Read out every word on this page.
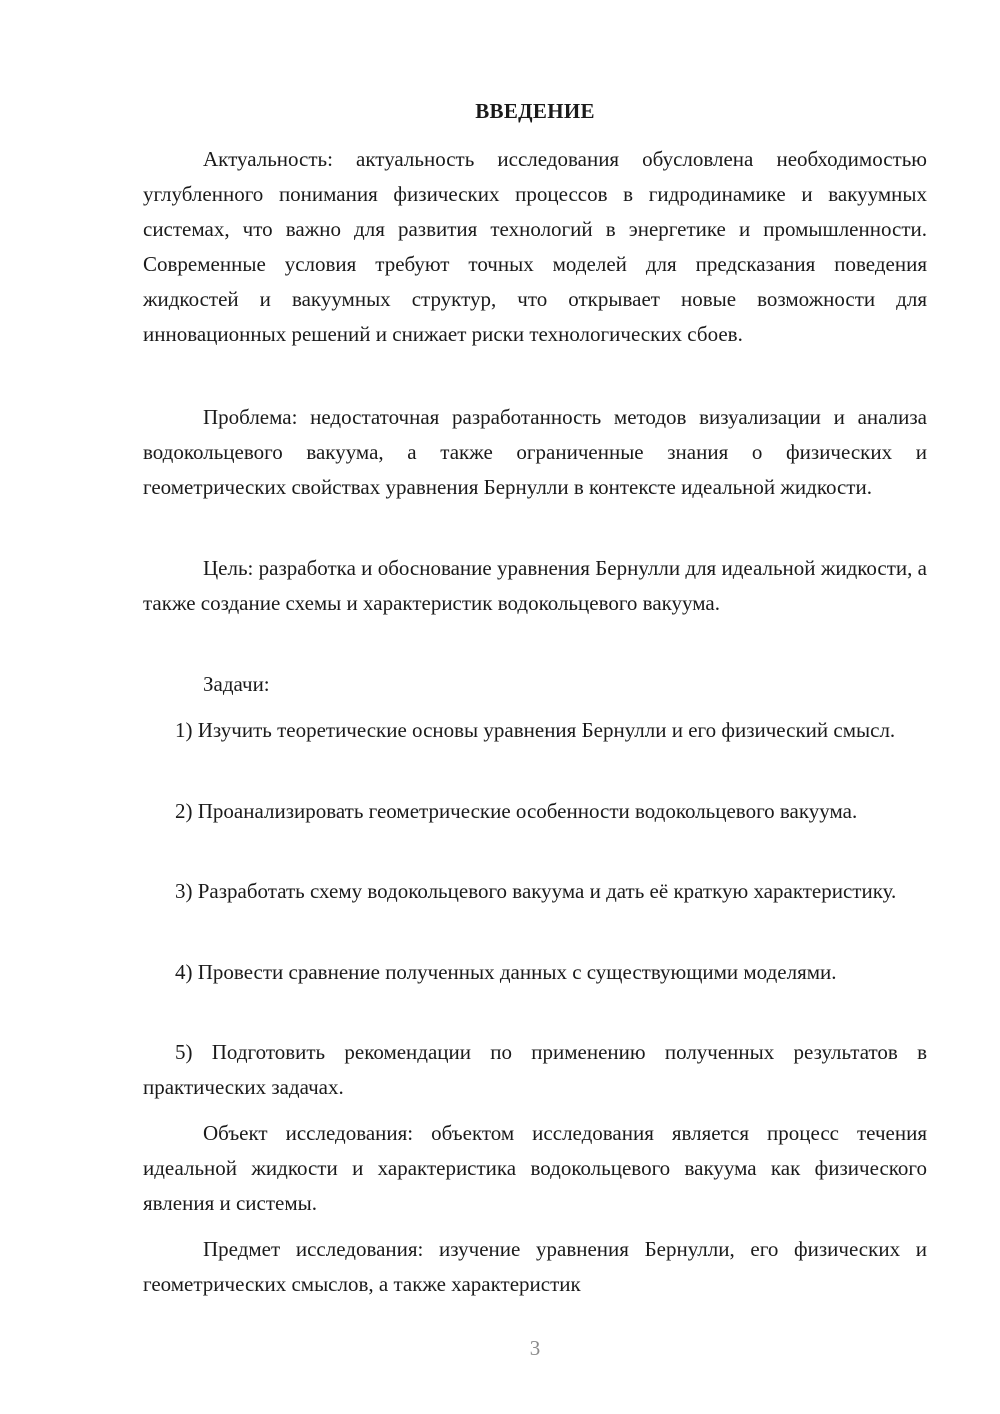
ВВЕДЕНИЕ

Актуальность: актуальность исследования обусловлена необходимостью углубленного понимания физических процессов в гидродинамике и вакуумных системах, что важно для развития технологий в энергетике и промышленности. Современные условия требуют точных моделей для предсказания поведения жидкостей и вакуумных структур, что открывает новые возможности для инновационных решений и снижает риски технологических сбоев.

Проблема: недостаточная разработанность методов визуализации и анализа водокольцевого вакуума, а также ограниченные знания о физических и геометрических свойствах уравнения Бернулли в контексте идеальной жидкости.

Цель: разработка и обоснование уравнения Бернулли для идеальной жидкости, а также создание схемы и характеристик водокольцевого вакуума.

Задачи:

1) Изучить теоретические основы уравнения Бернулли и его физический смысл.

2) Проанализировать геометрические особенности водокольцевого вакуума.

3) Разработать схему водокольцевого вакуума и дать её краткую характеристику.

4) Провести сравнение полученных данных с существующими моделями.

5) Подготовить рекомендации по применению полученных результатов в практических задачах.

Объект исследования: объектом исследования является процесс течения идеальной жидкости и характеристика водокольцевого вакуума как физического явления и системы.

Предмет исследования: изучение уравнения Бернулли, его физических и геометрических смыслов, а также характеристик

3
